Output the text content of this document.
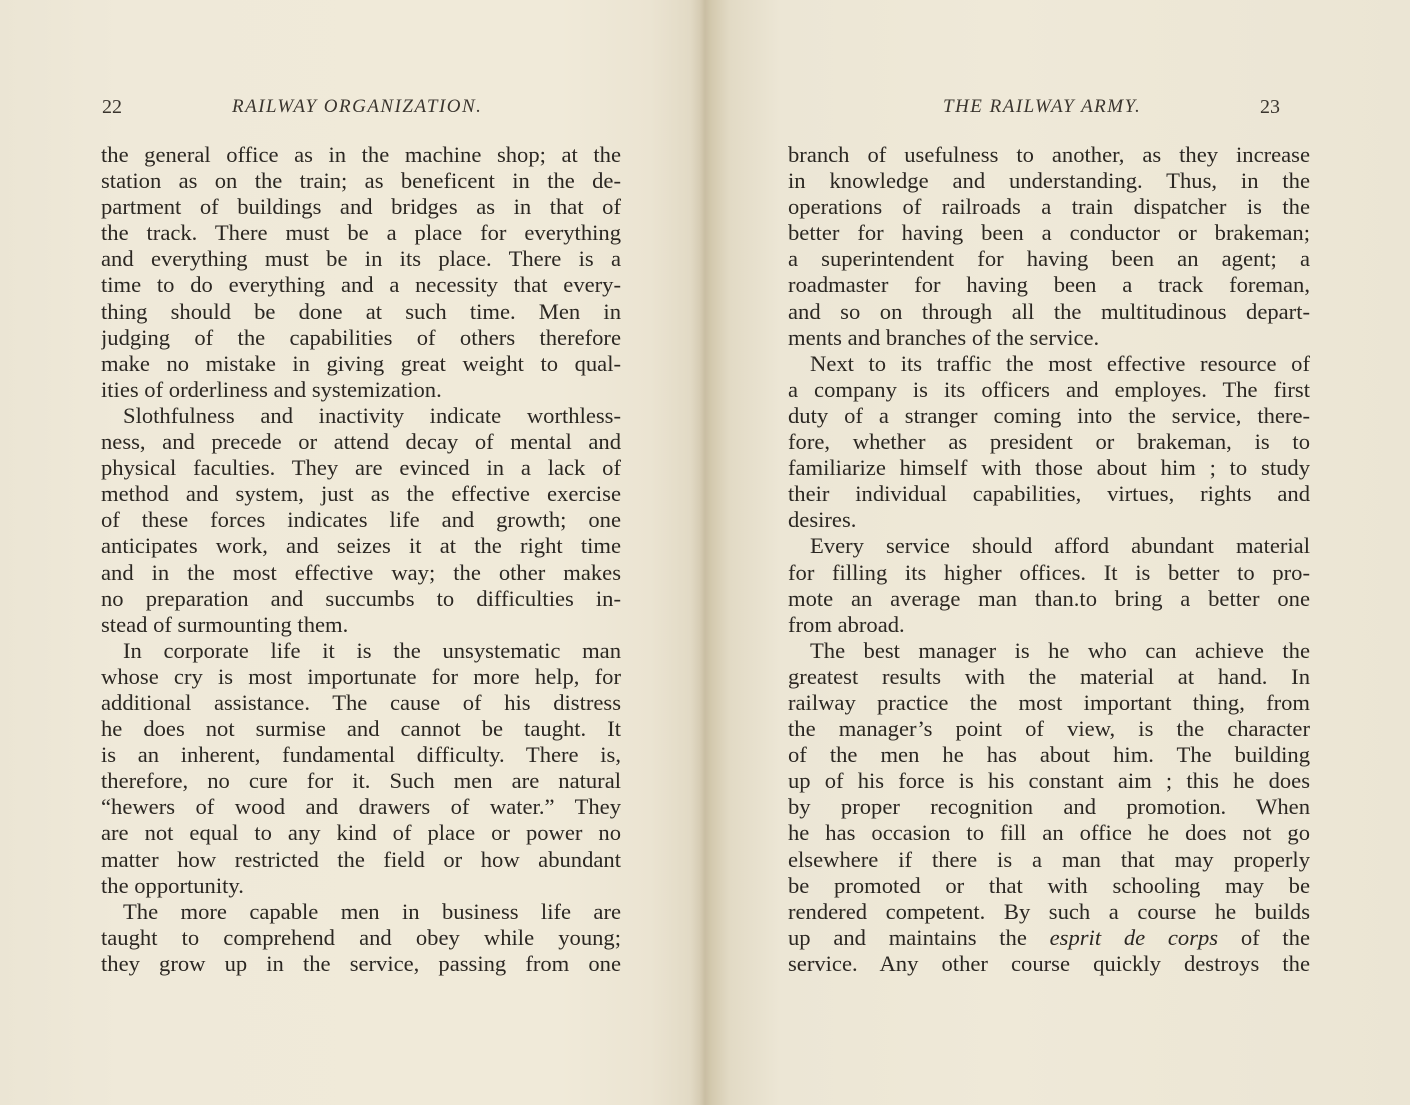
22	RAILWAY ORGANIZATION.
the general office as in the machine shop; at the
station as on the train; as beneficent in the de-
partment of buildings and bridges as in that of
the track. There must be a place for everything
and everything must be in its place. There is a
time to do everything and a necessity that every-
thing should be done at such time. Men in
judging of the capabilities of others therefore
make no mistake in giving great weight to qual-
ities of orderliness and systemization.
Slothfulness and inactivity indicate worthless-
ness, and precede or attend decay of mental and
physical faculties. They are evinced in a lack of
method and system, just as the effective exercise
of these forces indicates life and growth; one
anticipates work, and seizes it at the right time
and in the most effective way; the other makes
no preparation and succumbs to difficulties in-
stead of surmounting them.
In corporate life it is the unsystematic man
whose cry is most importunate for more help, for
additional assistance. The cause of his distress
he does not surmise and cannot be taught. It
is an inherent, fundamental difficulty. There is,
therefore, no cure for it. Such men are natural
“hewers of wood and drawers of water.” They
are not equal to any kind of place or power no
matter how restricted the field or how abundant
the opportunity.
The more capable men in business life are
taught to comprehend and obey while young;
they grow up in the service, passing from one
THE RAILWAY ARMY.	23
branch of usefulness to another, as they increase
in knowledge and understanding. Thus, in the
operations of railroads a train dispatcher is the
better for having been a conductor or brakeman;
a superintendent for having been an agent; a
roadmaster for having been a track foreman,
and so on through all the multitudinous depart-
ments and branches of the service.
Next to its traffic the most effective resource of
a company is its officers and employes. The first
duty of a stranger coming into the service, there-
fore, whether as president or brakeman, is to
familiarize himself with those about him ; to study
their individual capabilities, virtues, rights and
desires.
Every service should afford abundant material
for filling its higher offices. It is better to pro-
mote an average man than.to bring a better one
from abroad.
The best manager is he who can achieve the
greatest results with the material at hand. In
railway practice the most important thing, from
the manager’s point of view, is the character
of the men he has about him. The building
up of his force is his constant aim ; this he does
by proper recognition and promotion. When
he has occasion to fill an office he does not go
elsewhere if there is a man that may properly
be promoted or that with schooling may be
rendered competent. By such a course he builds
up and maintains the esprit de corps of the
service. Any other course quickly destroys the
